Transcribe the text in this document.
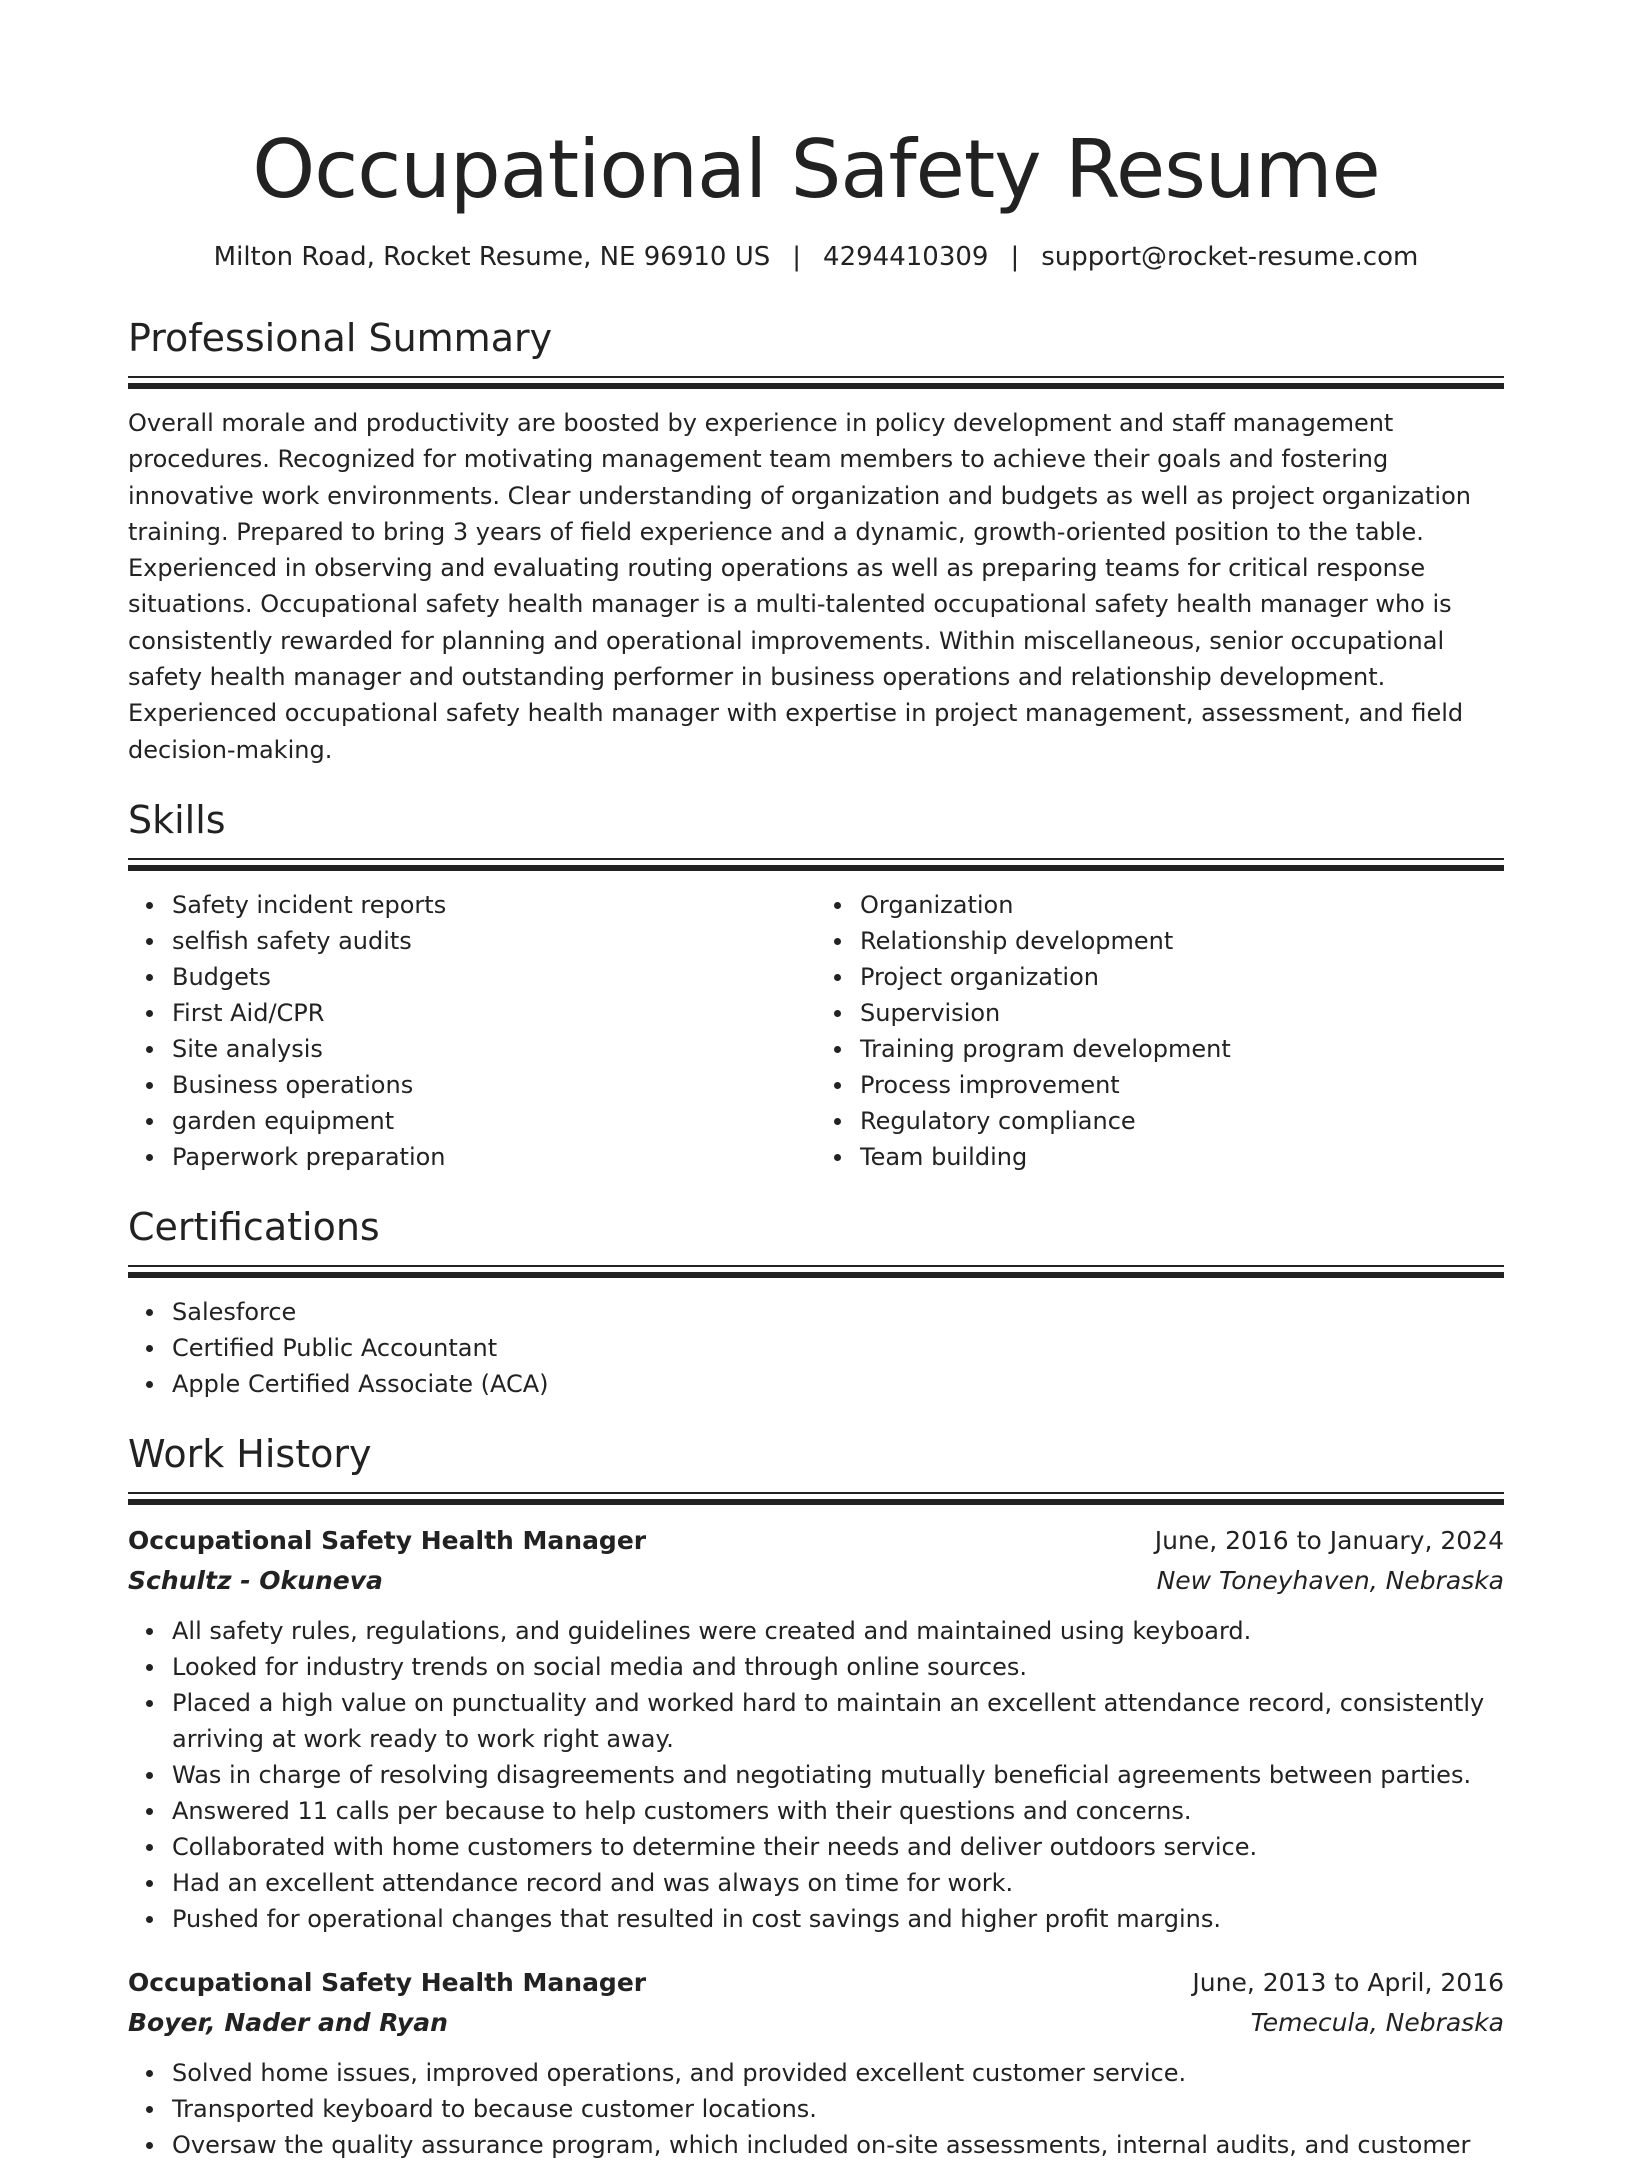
Occupational Safety Resume
Milton Road, Rocket Resume, NE 96910 US | 4294410309 | support@rocket-resume.com
Professional Summary

Overall morale and productivity are boosted by experience in policy development and staff management procedures. Recognized for motivating management team members to achieve their goals and fostering innovative work environments. Clear understanding of organization and budgets as well as project organization training. Prepared to bring 3 years of field experience and a dynamic, growth-oriented position to the table. Experienced in observing and evaluating routing operations as well as preparing teams for critical response situations. Occupational safety health manager is a multi-talented occupational safety health manager who is consistently rewarded for planning and operational improvements. Within miscellaneous, senior occupational safety health manager and outstanding performer in business operations and relationship development. Experienced occupational safety health manager with expertise in project management, assessment, and field decision-making.

Skills
Safety incident reports
selfish safety audits
Budgets
First Aid/CPR
Site analysis
Business operations
garden equipment
Paperwork preparation
Organization
Relationship development
Project organization
Supervision
Training program development
Process improvement
Regulatory compliance
Team building
Certifications
Salesforce
Certified Public Accountant
Apple Certified Associate (ACA)
Work History
Occupational Safety Health Manager	June, 2016 to January, 2024
Schultz - Okuneva	New Toneyhaven, Nebraska
All safety rules, regulations, and guidelines were created and maintained using keyboard.
Looked for industry trends on social media and through online sources.
Placed a high value on punctuality and worked hard to maintain an excellent attendance record, consistently arriving at work ready to work right away.
Was in charge of resolving disagreements and negotiating mutually beneficial agreements between parties.
Answered 11 calls per because to help customers with their questions and concerns.
Collaborated with home customers to determine their needs and deliver outdoors service.
Had an excellent attendance record and was always on time for work.
Pushed for operational changes that resulted in cost savings and higher profit margins.
Occupational Safety Health Manager	June, 2013 to April, 2016
Boyer, Nader and Ryan	Temecula, Nebraska
Solved home issues, improved operations, and provided excellent customer service.
Transported keyboard to because customer locations.
Oversaw the quality assurance program, which included on-site assessments, internal audits, and customer
